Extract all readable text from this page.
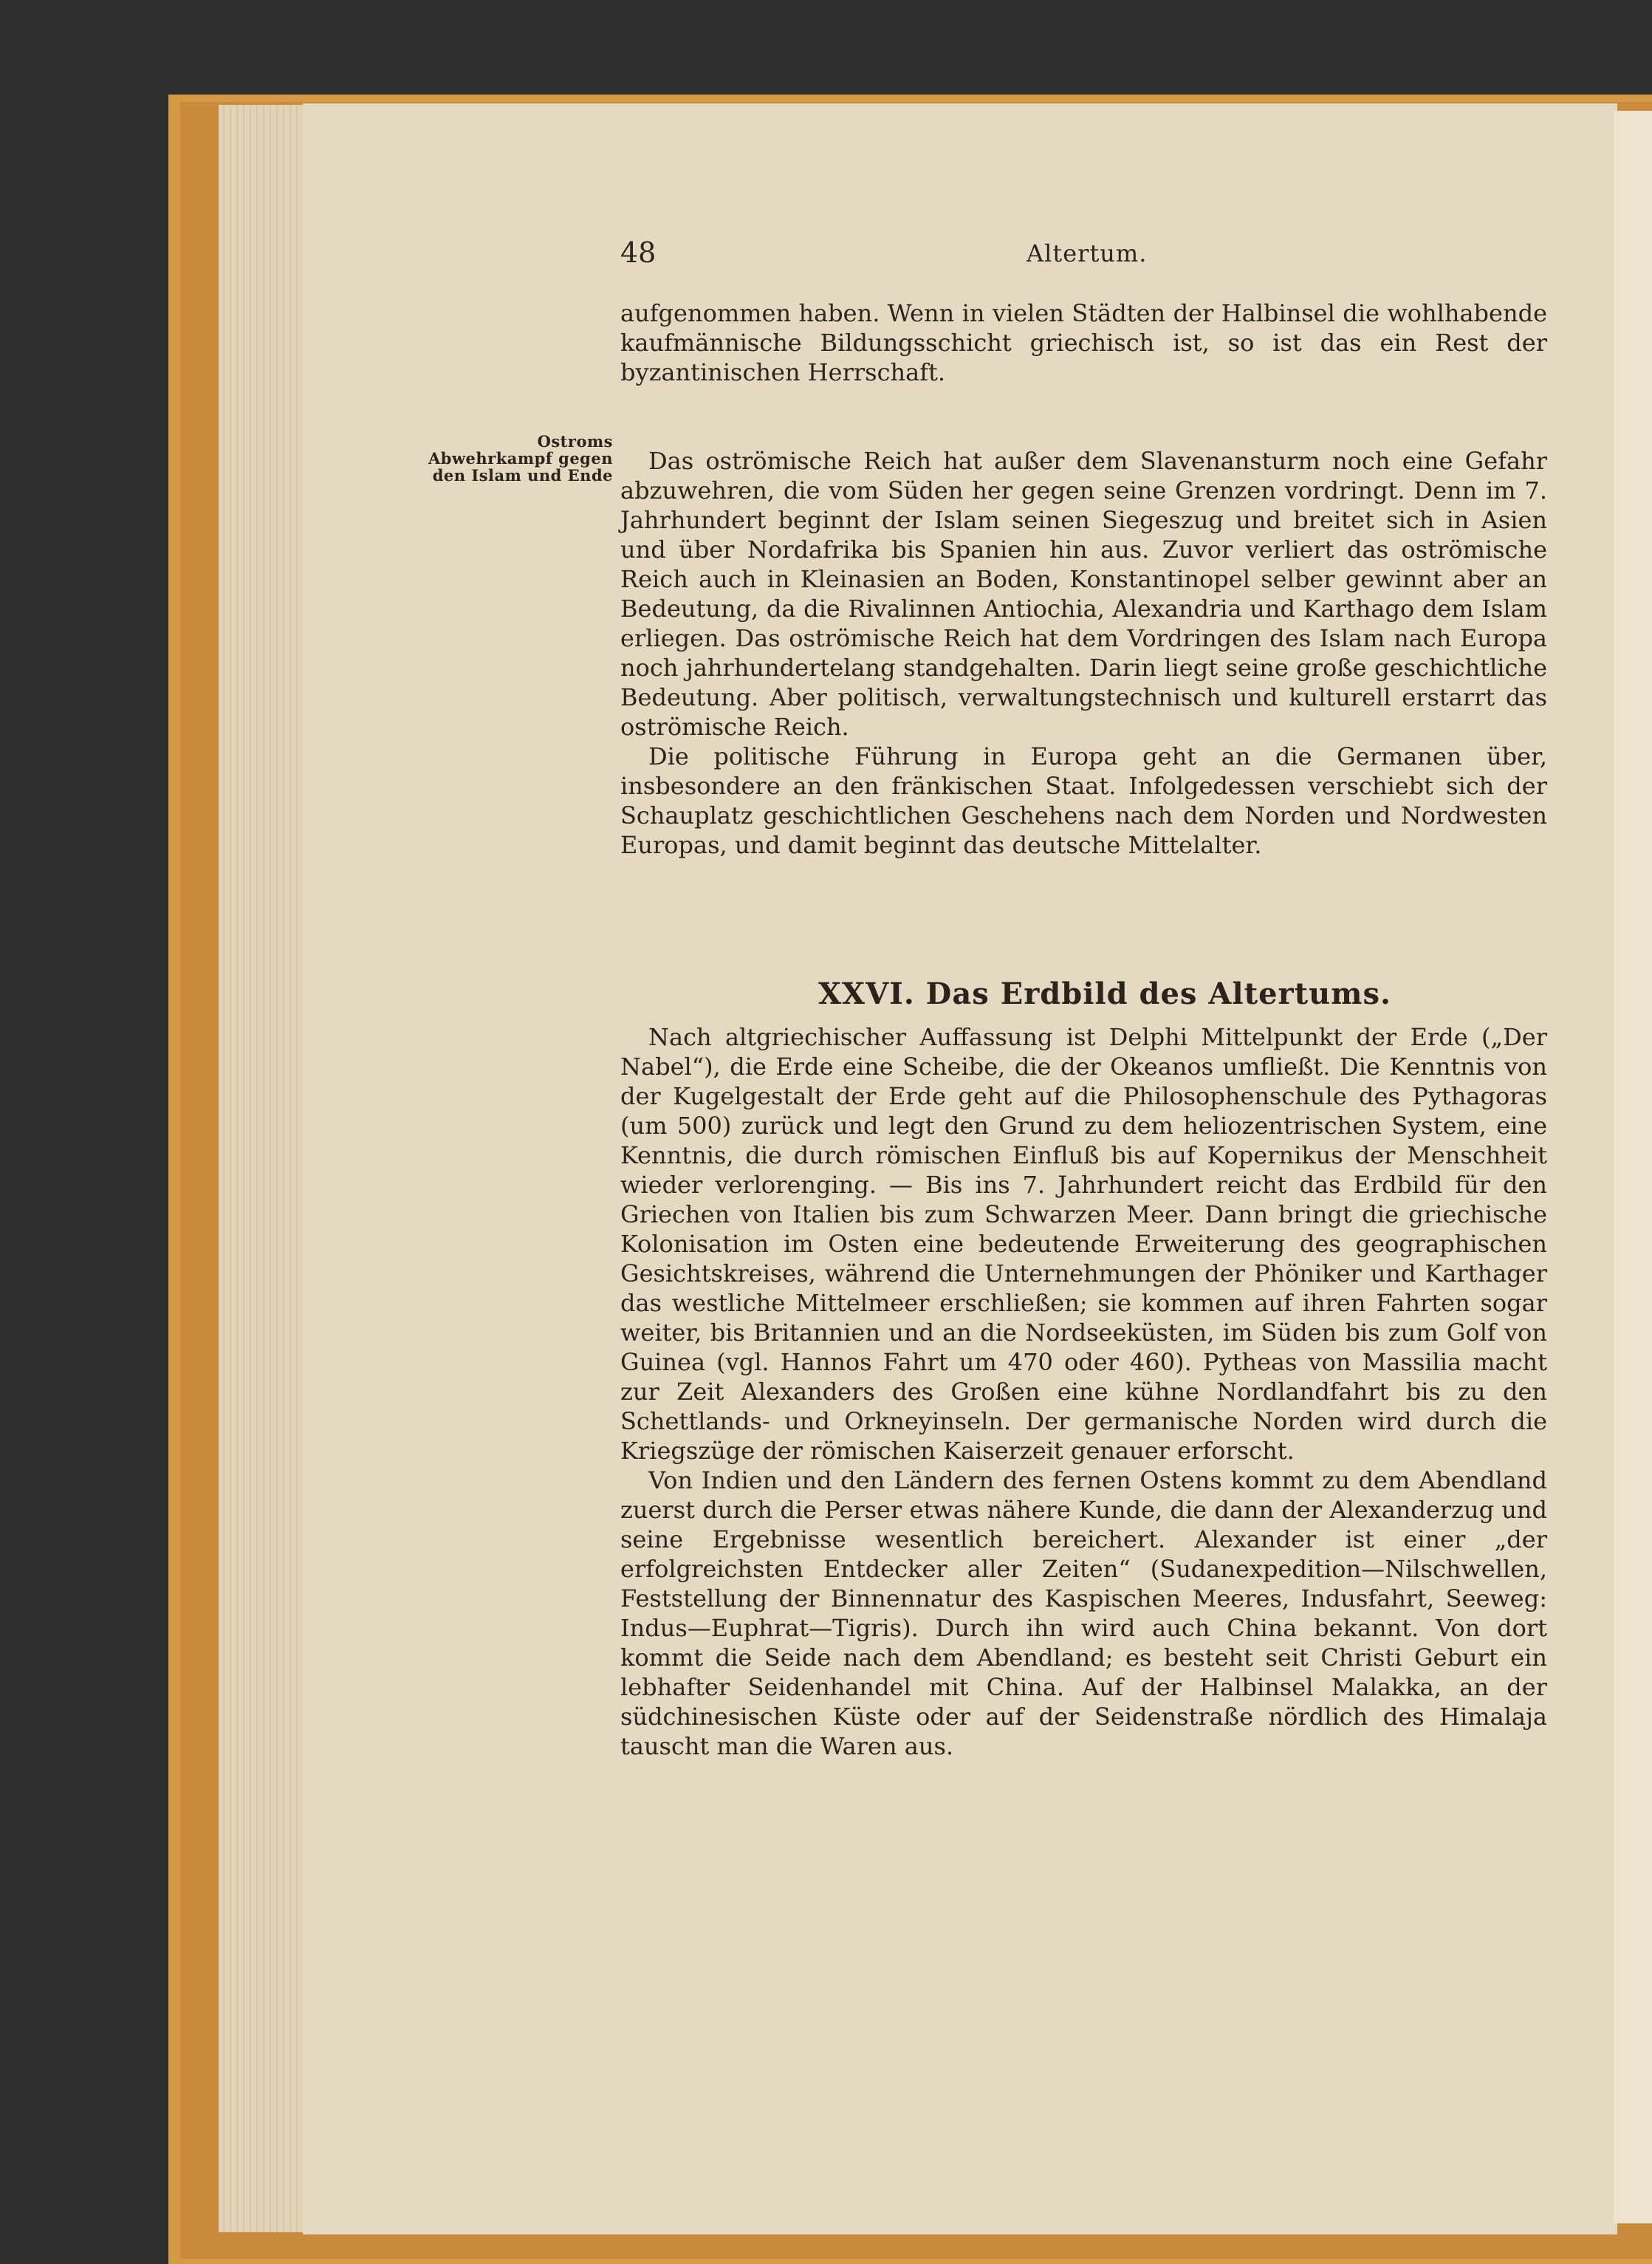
48	Altertum.

aufgenommen haben. Wenn in vielen Städten der Halbinsel die wohlhabende kaufmännische Bildungsschicht griechisch ist, so ist das ein Rest der byzantinischen Herrschaft.

Ostroms Abwehrkampf gegen den Islam und Ende

Das oströmische Reich hat außer dem Slavenansturm noch eine Gefahr abzuwehren, die vom Süden her gegen seine Grenzen vordringt. Denn im 7. Jahrhundert beginnt der Islam seinen Siegeszug und breitet sich in Asien und über Nordafrika bis Spanien hin aus. Zuvor verliert das oströmische Reich auch in Kleinasien an Boden, Konstantinopel selber gewinnt aber an Bedeutung, da die Rivalinnen Antiochia, Alexandria und Karthago dem Islam erliegen. Das oströmische Reich hat dem Vordringen des Islam nach Europa noch jahrhundertelang standgehalten. Darin liegt seine große geschichtliche Bedeutung. Aber politisch, verwaltungstechnisch und kulturell erstarrt das oströmische Reich.

Die politische Führung in Europa geht an die Germanen über, insbesondere an den fränkischen Staat. Infolgedessen verschiebt sich der Schauplatz geschichtlichen Geschehens nach dem Norden und Nordwesten Europas, und damit beginnt das deutsche Mittelalter.

XXVI. Das Erdbild des Altertums.

Nach altgriechischer Auffassung ist Delphi Mittelpunkt der Erde („Der Nabel“), die Erde eine Scheibe, die der Okeanos umfließt. Die Kenntnis von der Kugelgestalt der Erde geht auf die Philosophenschule des Pythagoras (um 500) zurück und legt den Grund zu dem heliozentrischen System, eine Kenntnis, die durch römischen Einfluß bis auf Kopernikus der Menschheit wieder verlorenging. — Bis ins 7. Jahrhundert reicht das Erdbild für den Griechen von Italien bis zum Schwarzen Meer. Dann bringt die griechische Kolonisation im Osten eine bedeutende Erweiterung des geographischen Gesichtskreises, während die Unternehmungen der Phöniker und Karthager das westliche Mittelmeer erschließen; sie kommen auf ihren Fahrten sogar weiter, bis Britannien und an die Nordseeküsten, im Süden bis zum Golf von Guinea (vgl. Hannos Fahrt um 470 oder 460). Pytheas von Massilia macht zur Zeit Alexanders des Großen eine kühne Nordlandfahrt bis zu den Schettlands- und Orkneyinseln. Der germanische Norden wird durch die Kriegszüge der römischen Kaiserzeit genauer erforscht.

Von Indien und den Ländern des fernen Ostens kommt zu dem Abendland zuerst durch die Perser etwas nähere Kunde, die dann der Alexanderzug und seine Ergebnisse wesentlich bereichert. Alexander ist einer „der erfolgreichsten Entdecker aller Zeiten“ (Sudanexpedition—Nilschwellen, Feststellung der Binnennatur des Kaspischen Meeres, Indusfahrt, Seeweg: Indus—Euphrat—Tigris). Durch ihn wird auch China bekannt. Von dort kommt die Seide nach dem Abendland; es besteht seit Christi Geburt ein lebhafter Seidenhandel mit China. Auf der Halbinsel Malakka, an der südchinesischen Küste oder auf der Seidenstraße nördlich des Himalaja tauscht man die Waren aus.
